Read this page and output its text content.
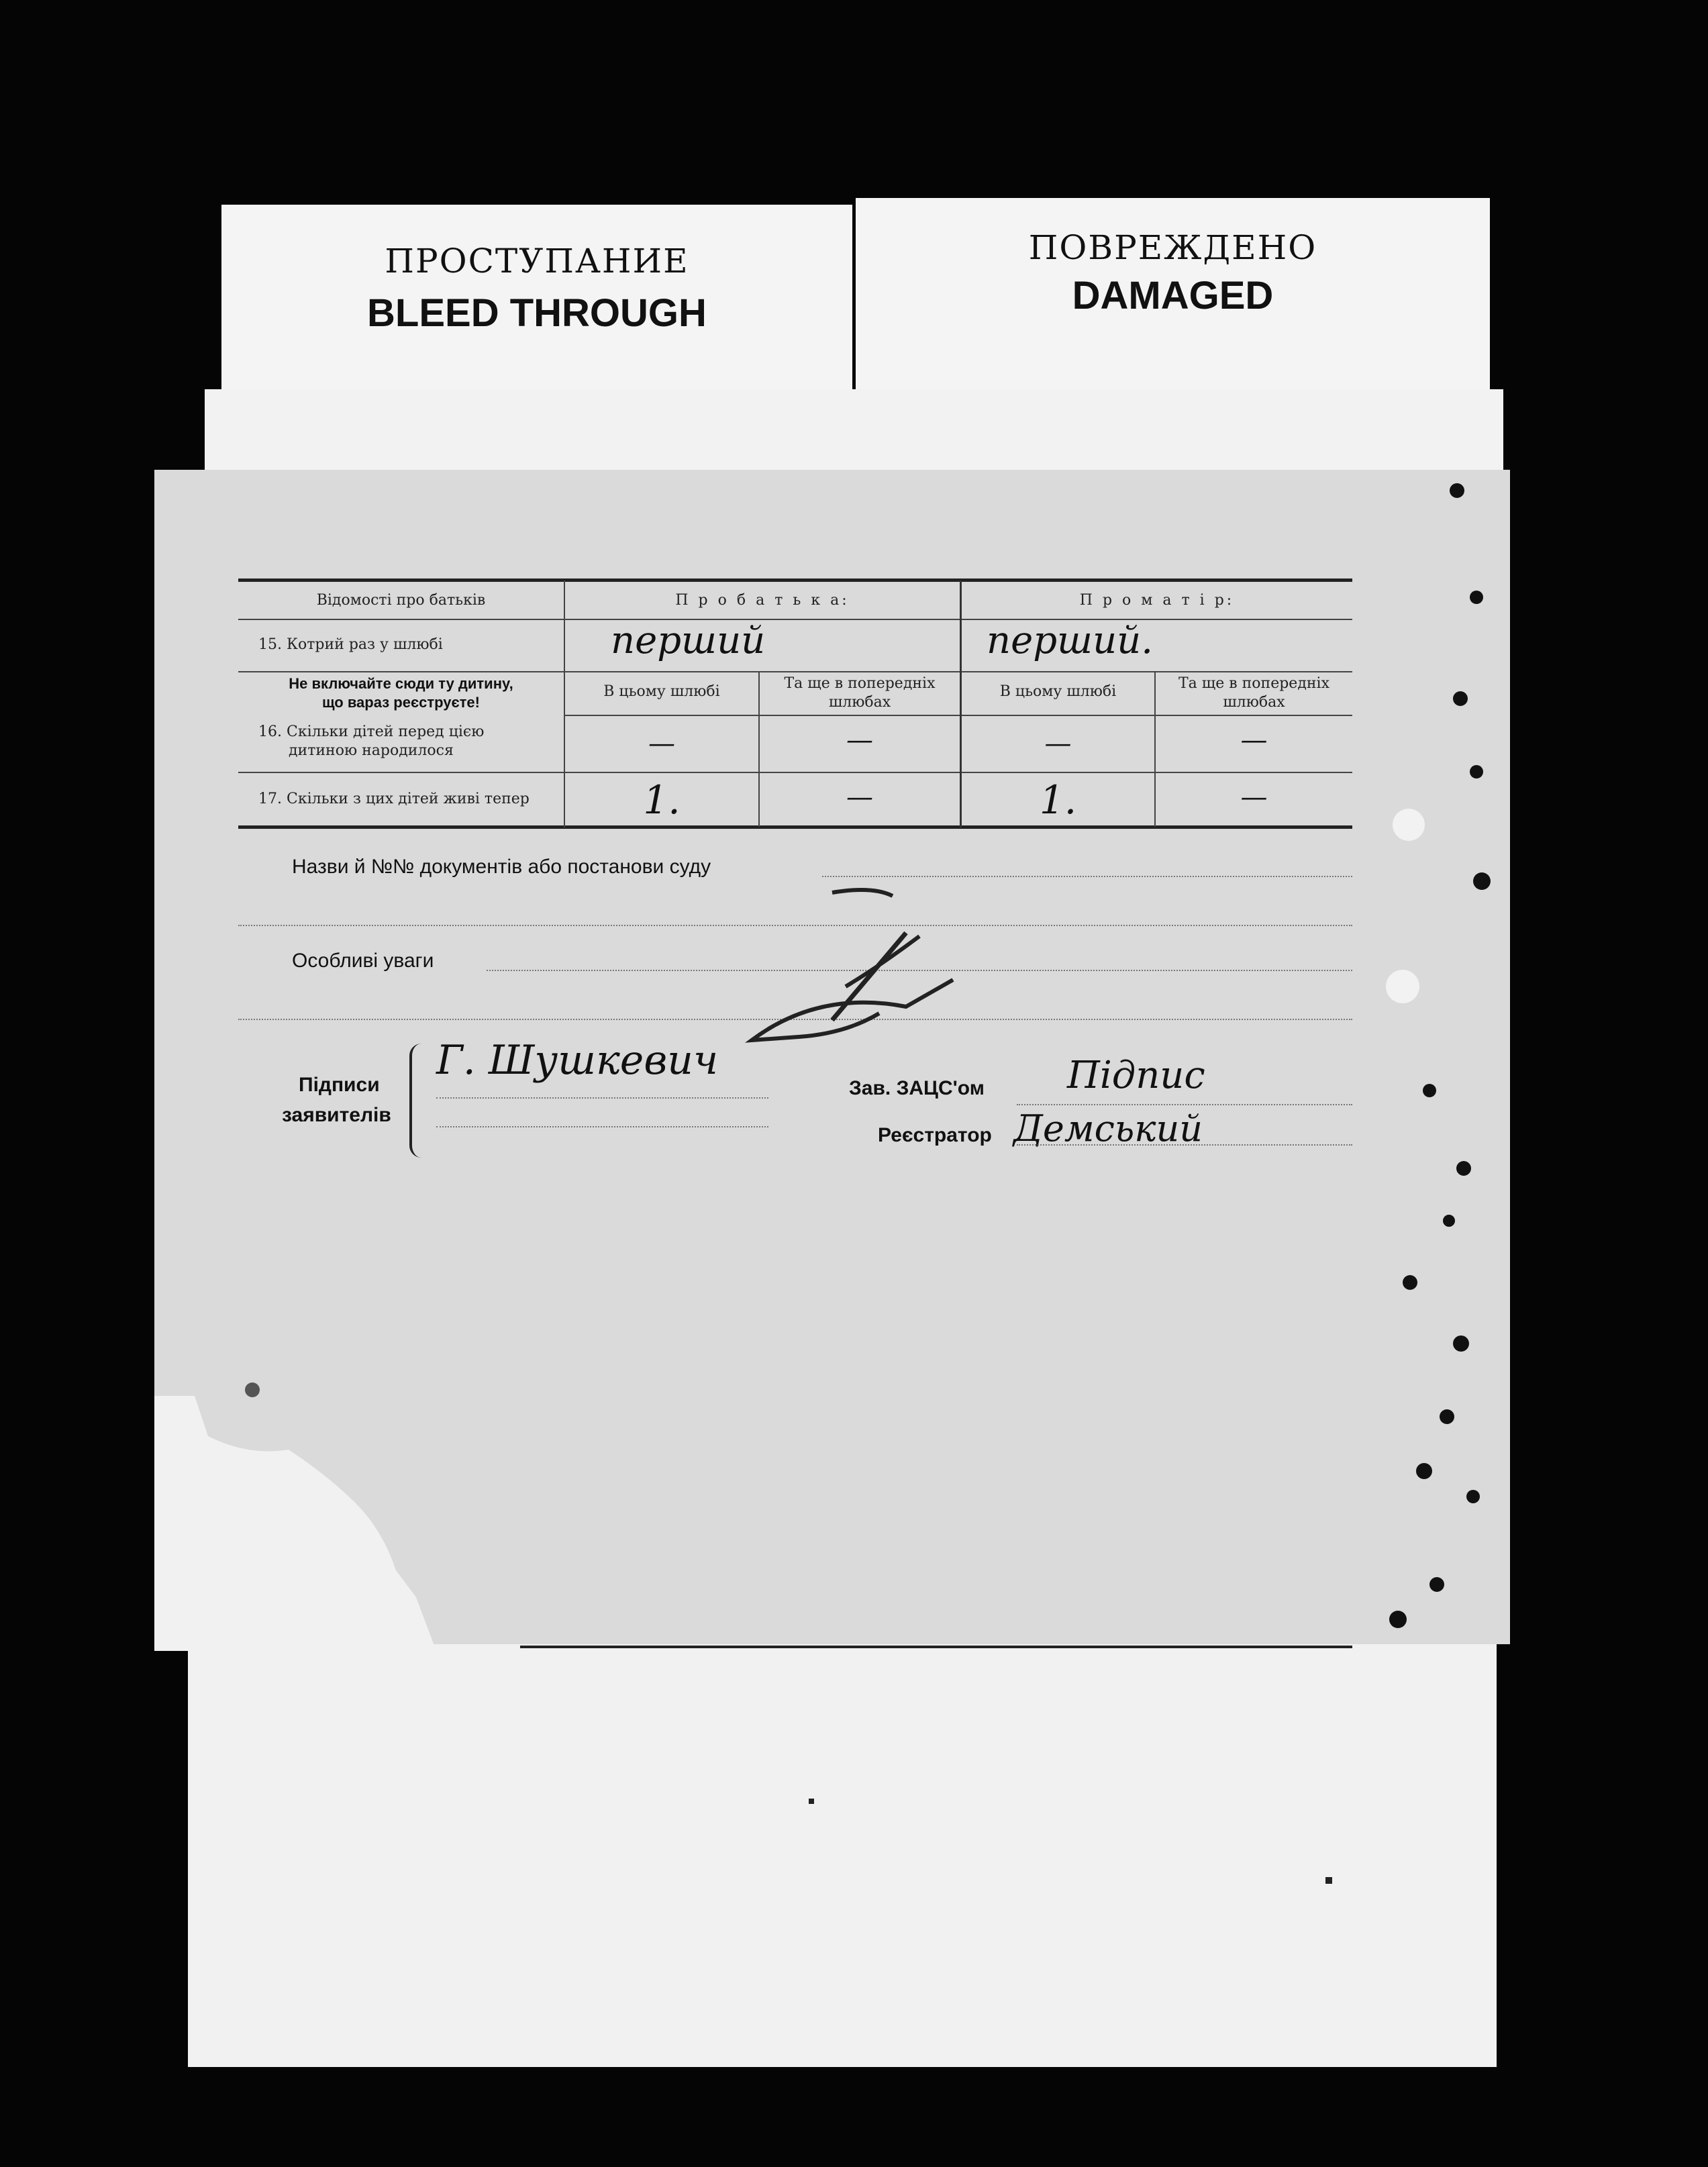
ПРОСТУПАНИЕ
BLEED THROUGH
ПОВРЕЖДЕНО
DAMAGED
Відомості про батьків	П р о б а т ь к а:	П р о м а т і р:
15. Котрий раз у шлюбі	перший	перший.
Не включайте сюди ту дитину,
що вараз реєструєте!
В цьому шлюбі	Та ще в попередніх
шлюбах
В цьому шлюбі	Та ще в попередніх
шлюбах
16. Скільки дітей перед цією
дитиною народилося	—	—	—	—
17. Скільки з цих дітей живі тепер	1.	—	1.	—
Назви й №№ документів або постанови суду
Особливі уваги
Підписи
заявителів
Г. Шушкевич
Зав. ЗАЦС'ом Підпис
Реєстратор Демський
